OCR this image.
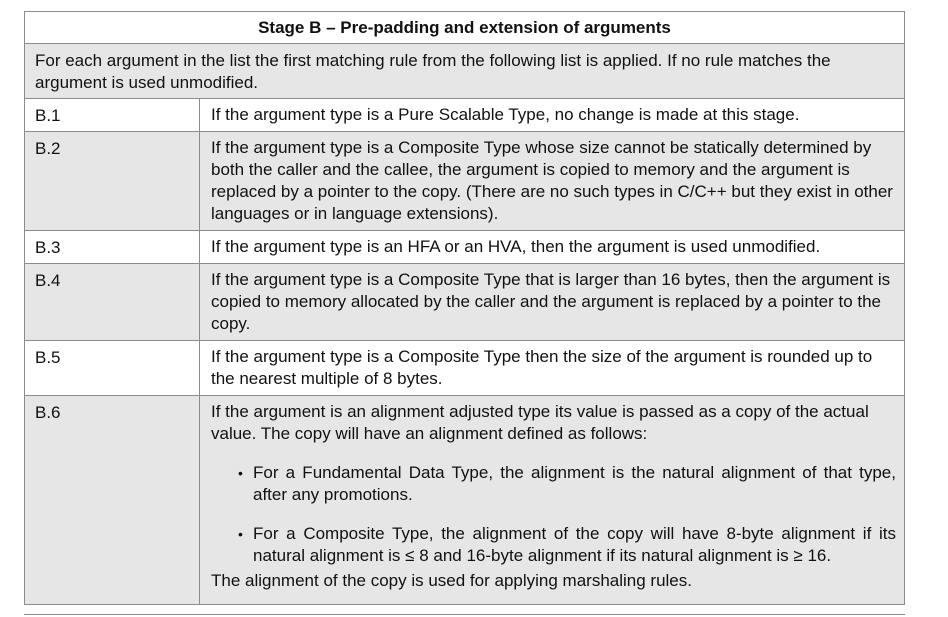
Stage B – Pre-padding and extension of arguments
For each argument in the list the first matching rule from the following list is applied. If no rule matches the argument is used unmodified.
B.1	If the argument type is a Pure Scalable Type, no change is made at this stage.
B.2	If the argument type is a Composite Type whose size cannot be statically determined by both the caller and the callee, the argument is copied to memory and the argument is replaced by a pointer to the copy. (There are no such types in C/C++ but they exist in other languages or in language extensions).
B.3	If the argument type is an HFA or an HVA, then the argument is used unmodified.
B.4	If the argument type is a Composite Type that is larger than 16 bytes, then the argument is copied to memory allocated by the caller and the argument is replaced by a pointer to the copy.
B.5	If the argument type is a Composite Type then the size of the argument is rounded up to the nearest multiple of 8 bytes.
B.6	If the argument is an alignment adjusted type its value is passed as a copy of the actual value. The copy will have an alignment defined as follows:
• For a Fundamental Data Type, the alignment is the natural alignment of that type, after any promotions.
• For a Composite Type, the alignment of the copy will have 8-byte alignment if its natural alignment is ≤ 8 and 16-byte alignment if its natural alignment is ≥ 16.
The alignment of the copy is used for applying marshaling rules.
